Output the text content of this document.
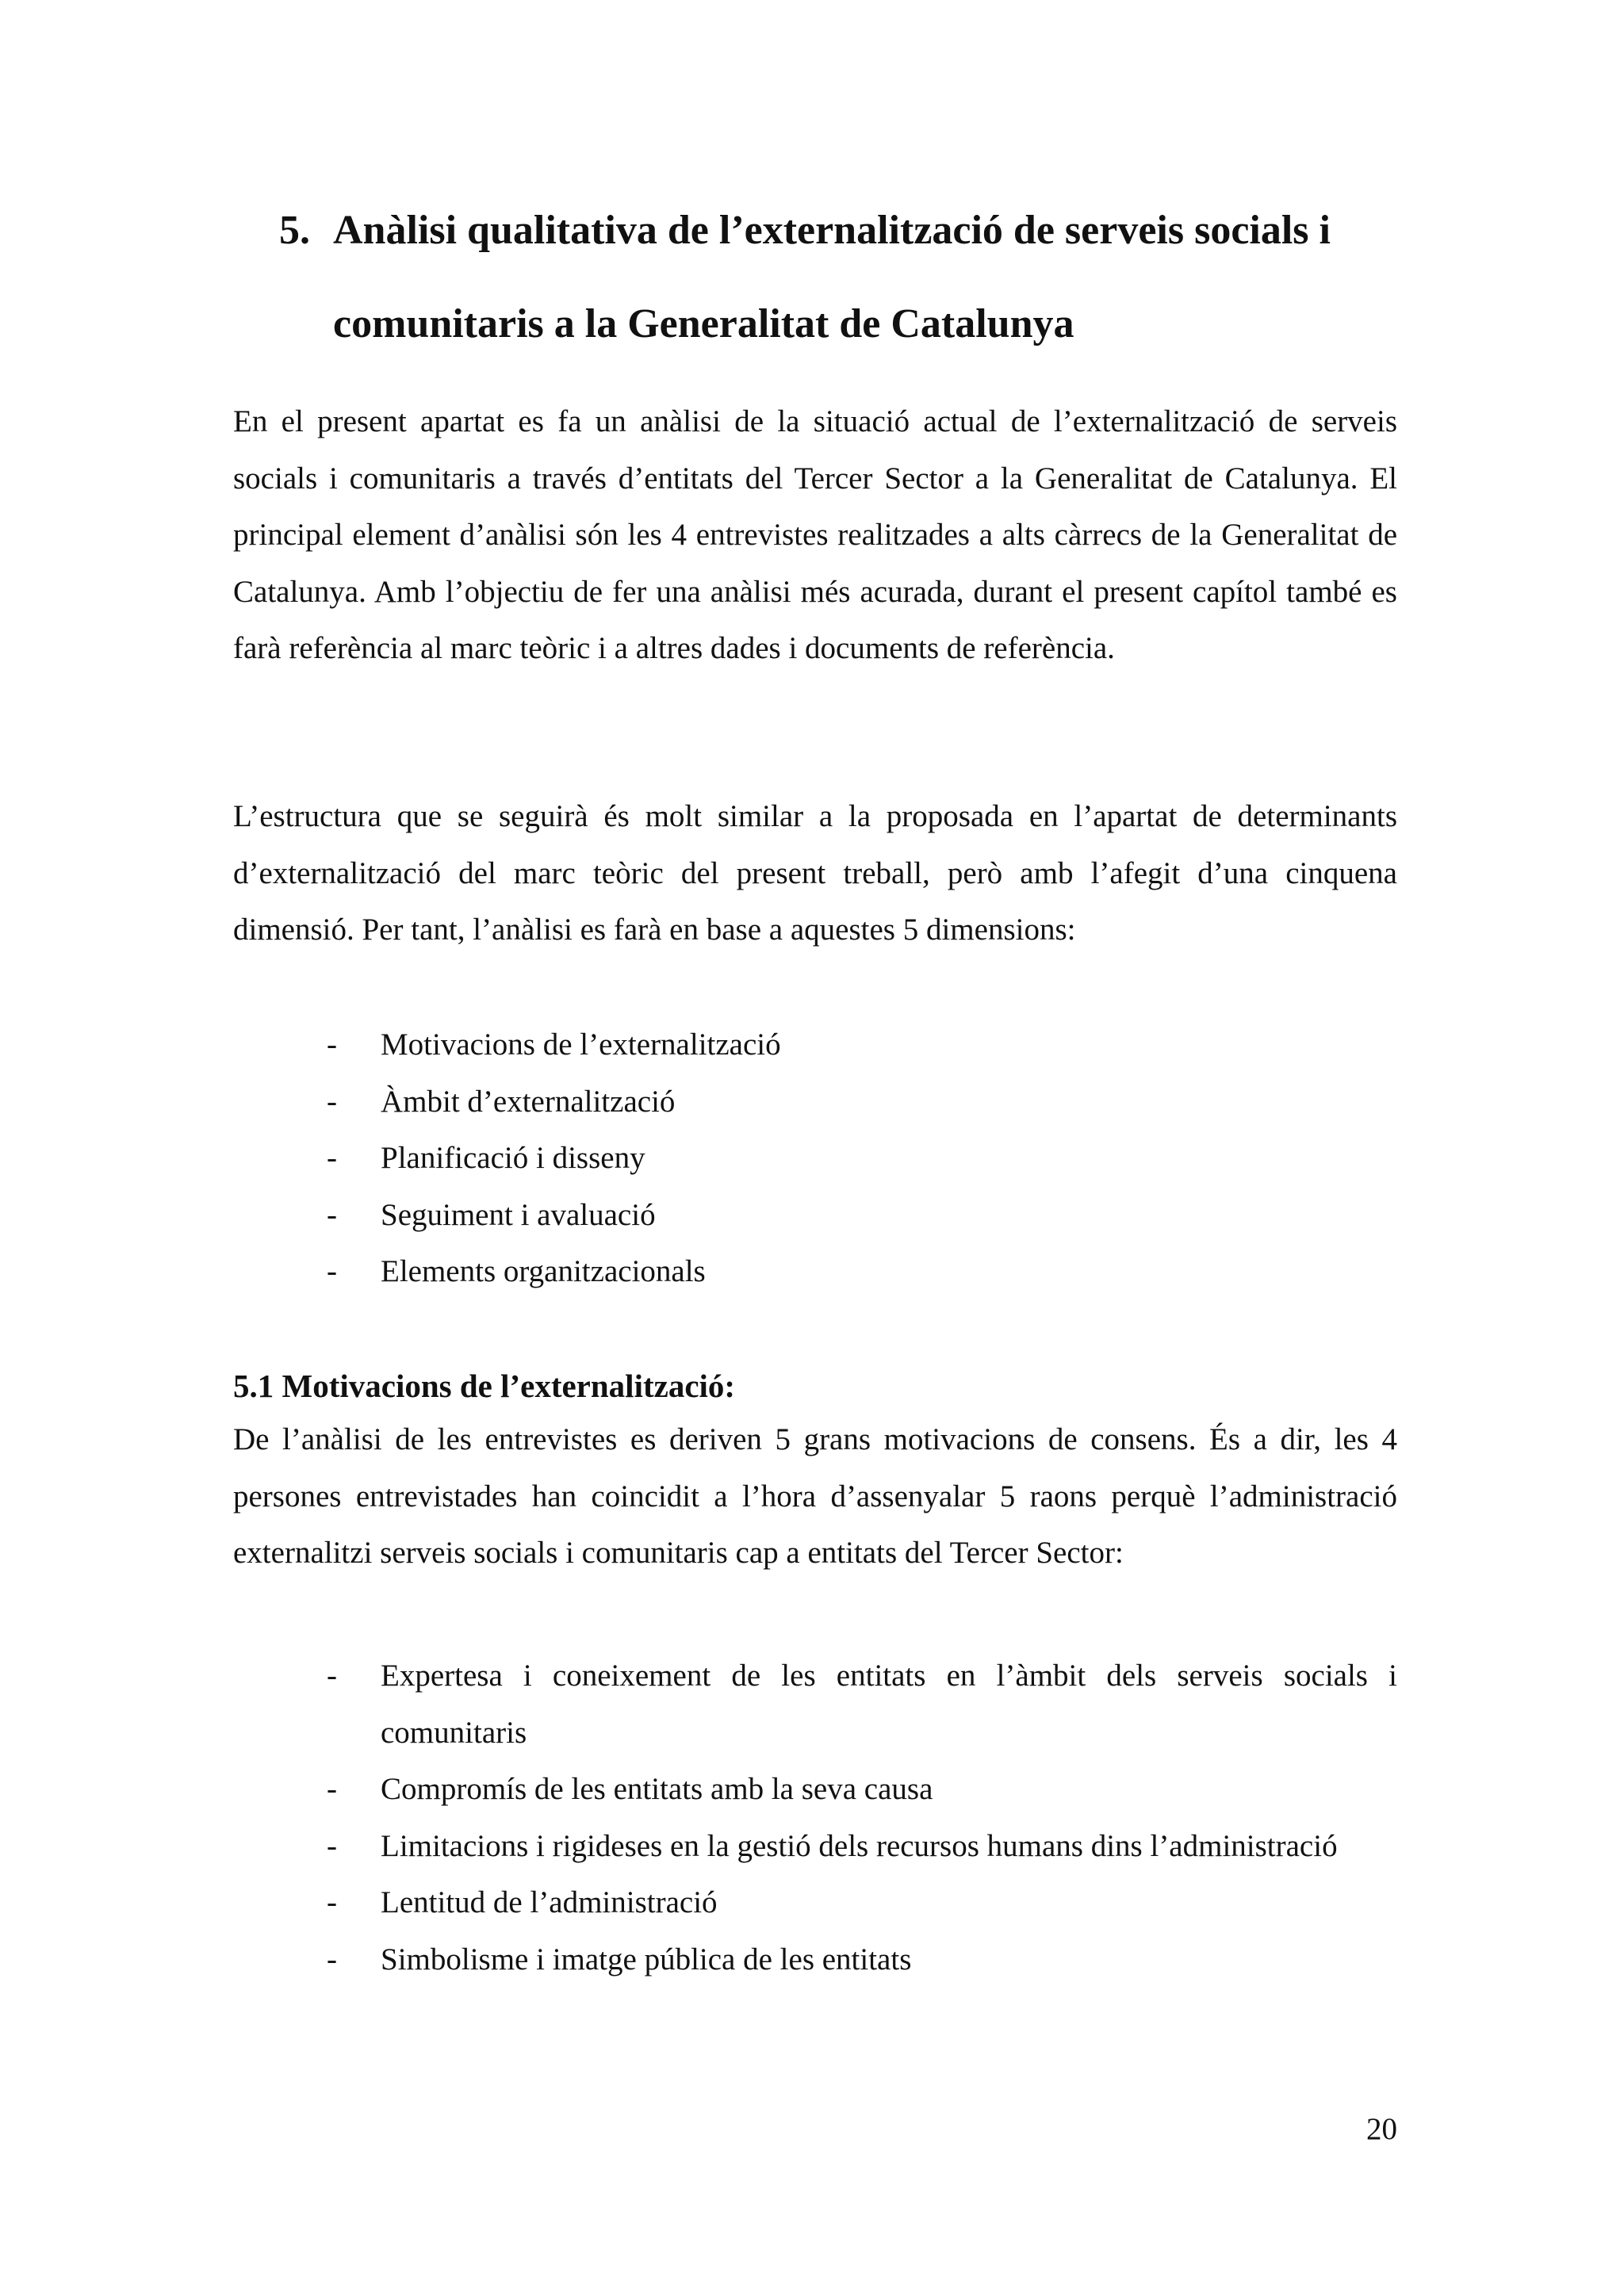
5. Anàlisi qualitativa de l’externalització de serveis socials i comunitaris a la Generalitat de Catalunya

En el present apartat es fa un anàlisi de la situació actual de l’externalització de serveis socials i comunitaris a través d’entitats del Tercer Sector a la Generalitat de Catalunya. El principal element d’anàlisi són les 4 entrevistes realitzades a alts càrrecs de la Generalitat de Catalunya. Amb l’objectiu de fer una anàlisi més acurada, durant el present capítol també es farà referència al marc teòric i a altres dades i documents de referència.

L’estructura que se seguirà és molt similar a la proposada en l’apartat de determinants d’externalització del marc teòric del present treball, però amb l’afegit d’una cinquena dimensió. Per tant, l’anàlisi es farà en base a aquestes 5 dimensions:

- Motivacions de l’externalització
- Àmbit d’externalització
- Planificació i disseny
- Seguiment i avaluació
- Elements organitzacionals
5.1 Motivacions de l’externalització:

De l’anàlisi de les entrevistes es deriven 5 grans motivacions de consens. És a dir, les 4 persones entrevistades han coincidit a l’hora d’assenyalar 5 raons perquè l’administració externalitzi serveis socials i comunitaris cap a entitats del Tercer Sector:

- Expertesa i coneixement de les entitats en l’àmbit dels serveis socials i comunitaris
- Compromís de les entitats amb la seva causa
- Limitacions i rigideses en la gestió dels recursos humans dins l’administració
- Lentitud de l’administració
- Simbolisme i imatge pública de les entitats
20
